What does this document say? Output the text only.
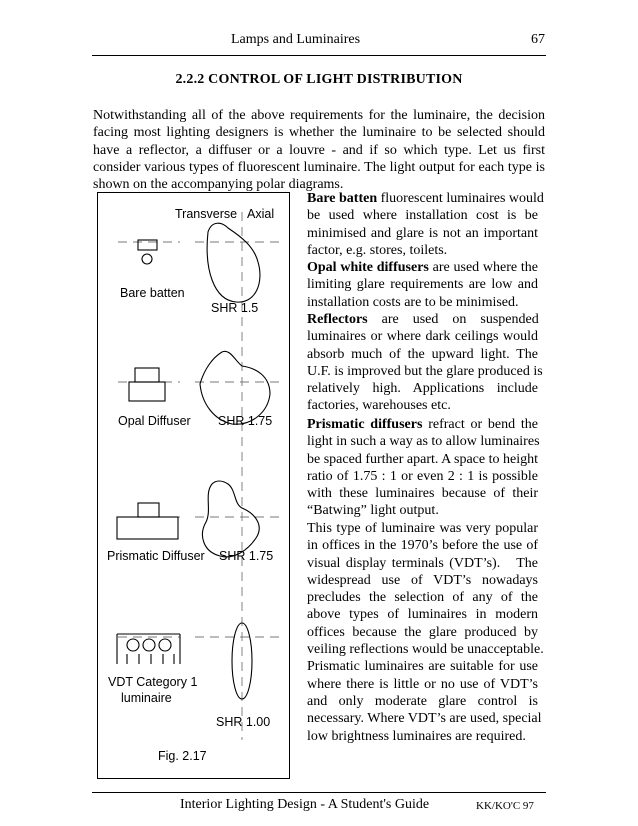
Lamps and Luminaires	67
2.2.2 CONTROL OF LIGHT DISTRIBUTION
Notwithstanding all of the above requirements for the luminaire, the decision
facing most lighting designers is whether the luminaire to be selected should
have a reflector, a diffuser or a louvre - and if so which type. Let us first
consider various types of fluorescent luminaire. The light output for each type is
shown on the accompanying polar diagrams.
Bare batten fluorescent luminaires would
be used where installation cost is be
minimised and glare is not an important
factor, e.g. stores, toilets.
Opal white diffusers are used where the
limiting glare requirements are low and
installation costs are to be minimised.
Reflectors    are    used    on    suspended
luminaires or where dark ceilings would
absorb much of the upward light. The
U.F. is improved but the glare produced is
relatively   high.   Applications   include
factories, warehouses etc.
Prismatic diffusers refract or bend the
light in such a way as to allow luminaires
be spaced further apart. A space to height
ratio of 1.75 : 1 or even 2 : 1 is possible
with these luminaires because of their
“Batwing” light output.
This type of luminaire was very popular
in offices in the 1970’s before the use of
visual display terminals (VDT’s).   The
widespread use of VDT’s nowadays
precludes the selection of any of the
above types of luminaires in modern
offices because the glare produced by
veiling reflections would be unacceptable.
Prismatic luminaires are suitable for use
where there is little or no use of VDT’s
and only moderate glare control is
necessary. Where VDT’s are used, special
low brightness luminaires are required.
Transverse Axial
Bare batten
SHR 1.5
Opal Diffuser SHR 1.75
Prismatic Diffuser SHR 1.75
VDT Category 1
luminaire
SHR 1.00
Fig. 2.17
Interior Lighting Design - A Student's Guide	KK/KO'C 97
